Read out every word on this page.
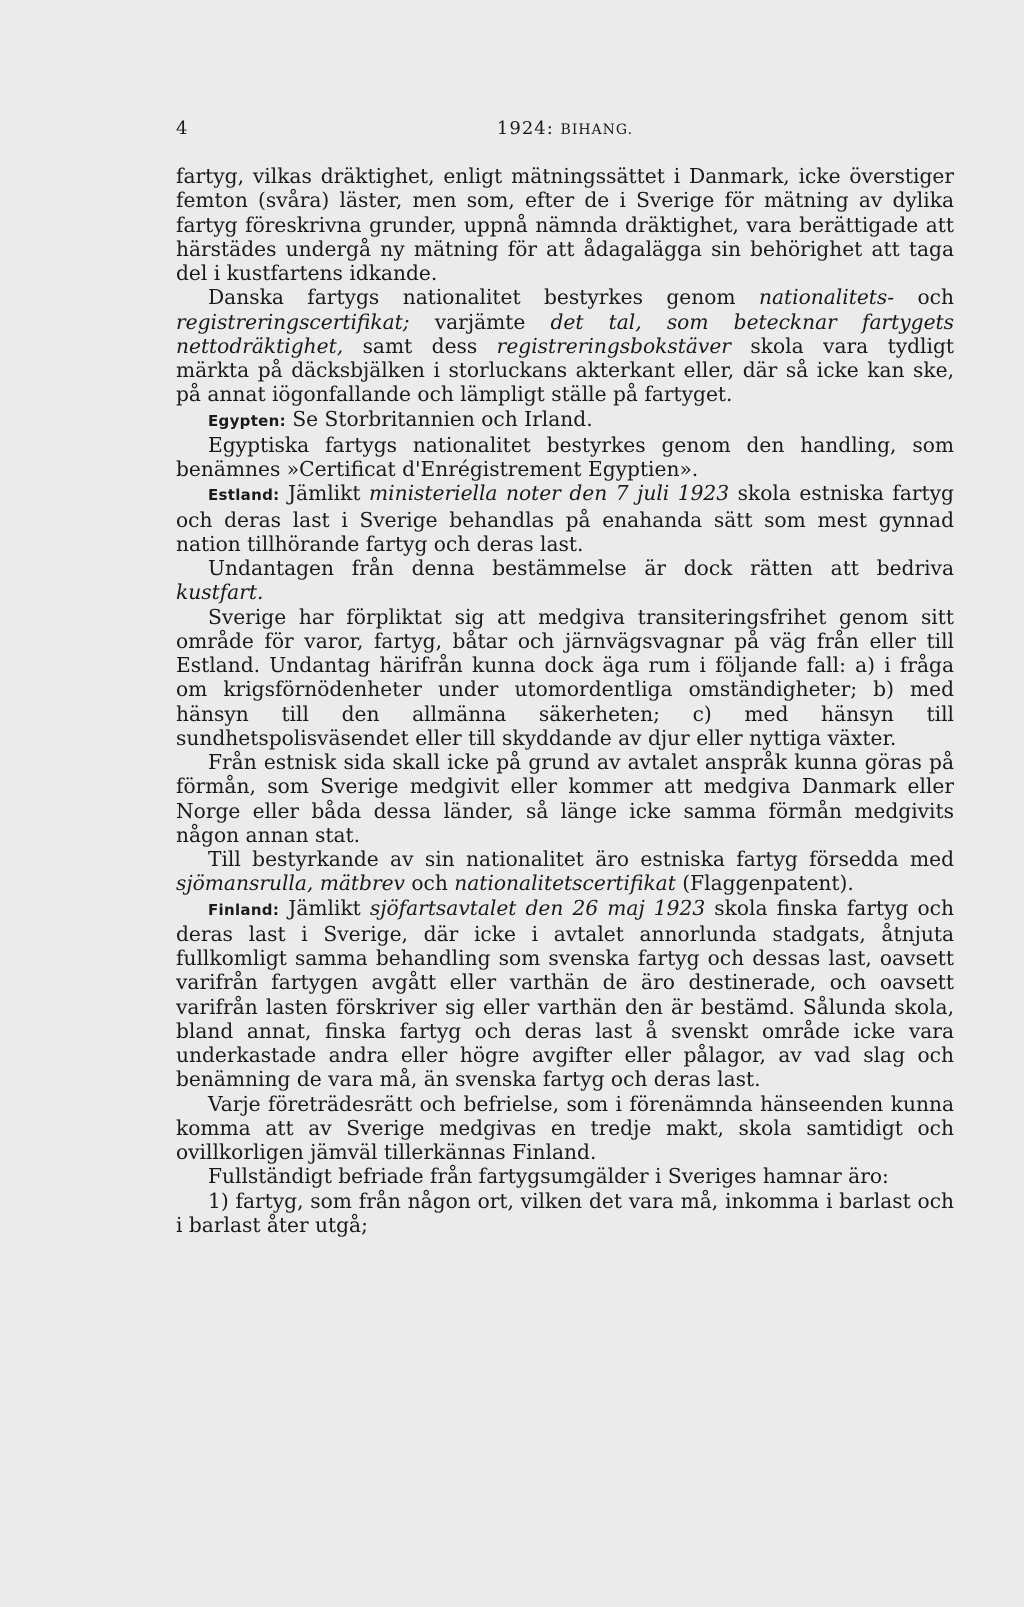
4	1924: BIHANG.

fartyg, vilkas dräktighet, enligt mätningssättet i Danmark, icke överstiger femton (svåra) läster, men som, efter de i Sverige för mätning av dylika fartyg föreskrivna grunder, uppnå nämnda dräktighet, vara berättigade att härstädes undergå ny mätning för att ådagalägga sin behörighet att taga del i kustfartens idkande.

Danska fartygs nationalitet bestyrkes genom nationalitets- och registreringscertifikat; varjämte det tal, som betecknar fartygets nettodräktighet, samt dess registreringsbokstäver skola vara tydligt märkta på däcksbjälken i storluckans akterkant eller, där så icke kan ske, på annat iögonfallande och lämpligt ställe på fartyget.

Egypten: Se Storbritannien och Irland.

Egyptiska fartygs nationalitet bestyrkes genom den handling, som benämnes »Certificat d'Enrégistrement Egyptien».

Estland: Jämlikt ministeriella noter den 7 juli 1923 skola estniska fartyg och deras last i Sverige behandlas på enahanda sätt som mest gynnad nation tillhörande fartyg och deras last.

Undantagen från denna bestämmelse är dock rätten att bedriva kustfart.

Sverige har förpliktat sig att medgiva transiteringsfrihet genom sitt område för varor, fartyg, båtar och järnvägsvagnar på väg från eller till Estland. Undantag härifrån kunna dock äga rum i följande fall: a) i fråga om krigsförnödenheter under utomordentliga omständigheter; b) med hänsyn till den allmänna säkerheten; c) med hänsyn till sundhetspolisväsendet eller till skyddande av djur eller nyttiga växter.

Från estnisk sida skall icke på grund av avtalet anspråk kunna göras på förmån, som Sverige medgivit eller kommer att medgiva Danmark eller Norge eller båda dessa länder, så länge icke samma förmån medgivits någon annan stat.

Till bestyrkande av sin nationalitet äro estniska fartyg försedda med sjömansrulla, mätbrev och nationalitetscertifikat (Flaggenpatent).

Finland: Jämlikt sjöfartsavtalet den 26 maj 1923 skola finska fartyg och deras last i Sverige, där icke i avtalet annorlunda stadgats, åtnjuta fullkomligt samma behandling som svenska fartyg och dessas last, oavsett varifrån fartygen avgått eller varthän de äro destinerade, och oavsett varifrån lasten förskriver sig eller varthän den är bestämd. Sålunda skola, bland annat, finska fartyg och deras last å svenskt område icke vara underkastade andra eller högre avgifter eller pålagor, av vad slag och benämning de vara må, än svenska fartyg och deras last.

Varje företrädesrätt och befrielse, som i förenämnda hänseenden kunna komma att av Sverige medgivas en tredje makt, skola samtidigt och ovillkorligen jämväl tillerkännas Finland.

Fullständigt befriade från fartygsumgälder i Sveriges hamnar äro:

1) fartyg, som från någon ort, vilken det vara må, inkomma i barlast och i barlast åter utgå;
